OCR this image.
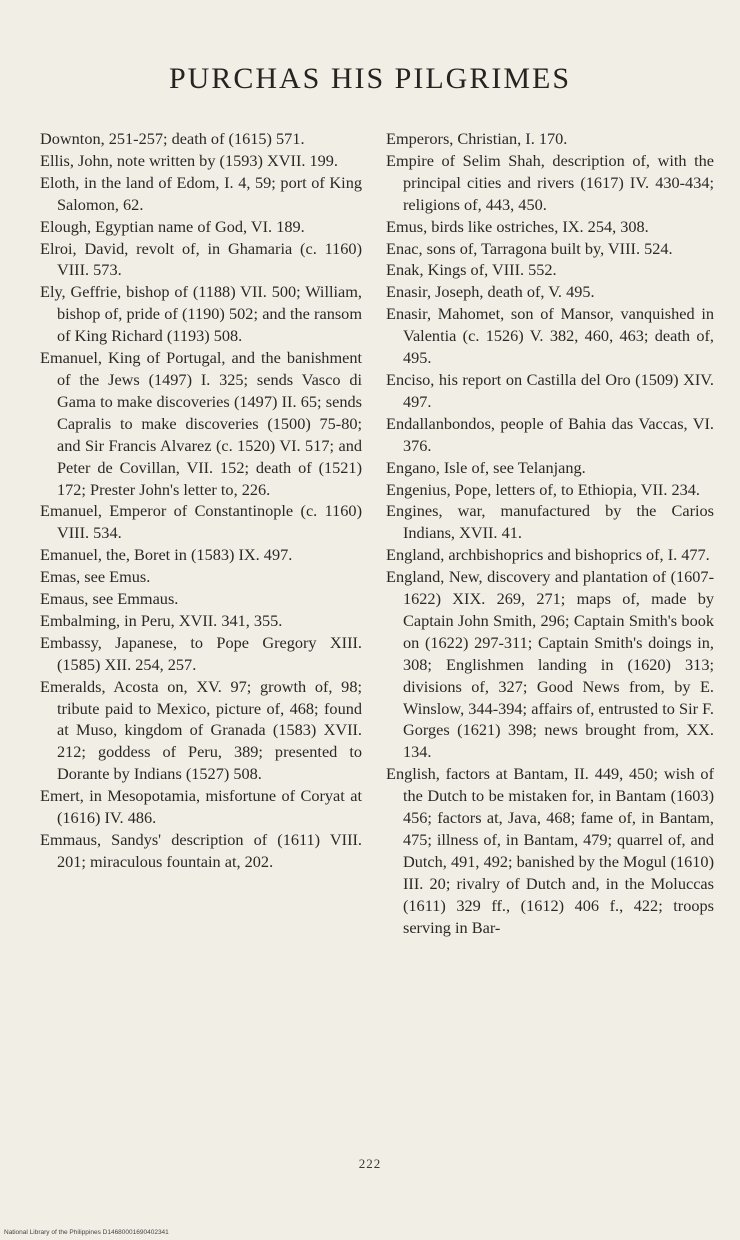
PURCHAS HIS PILGRIMES

Downton, 251-257; death of (1615) 571.

Ellis, John, note written by (1593) XVII. 199.

Eloth, in the land of Edom, I. 4, 59; port of King Salomon, 62.

Elough, Egyptian name of God, VI. 189.

Elroi, David, revolt of, in Ghamaria (c. 1160) VIII. 573.

Ely, Geffrie, bishop of (1188) VII. 500; William, bishop of, pride of (1190) 502; and the ransom of King Richard (1193) 508.

Emanuel, King of Portugal, and the banishment of the Jews (1497) I. 325; sends Vasco di Gama to make discoveries (1497) II. 65; sends Capralis to make discoveries (1500) 75-80; and Sir Francis Alvarez (c. 1520) VI. 517; and Peter de Covillan, VII. 152; death of (1521) 172; Prester John's letter to, 226.

Emanuel, Emperor of Constantinople (c. 1160) VIII. 534.

Emanuel, the, Boret in (1583) IX. 497.

Emas, see Emus.

Emaus, see Emmaus.

Embalming, in Peru, XVII. 341, 355.

Embassy, Japanese, to Pope Gregory XIII. (1585) XII. 254, 257.

Emeralds, Acosta on, XV. 97; growth of, 98; tribute paid to Mexico, picture of, 468; found at Muso, kingdom of Granada (1583) XVII. 212; goddess of Peru, 389; presented to Dorante by Indians (1527) 508.

Emert, in Mesopotamia, misfortune of Coryat at (1616) IV. 486.

Emmaus, Sandys' description of (1611) VIII. 201; miraculous fountain at, 202.

Emperors, Christian, I. 170.

Empire of Selim Shah, description of, with the principal cities and rivers (1617) IV. 430-434; religions of, 443, 450.

Emus, birds like ostriches, IX. 254, 308.

Enac, sons of, Tarragona built by, VIII. 524.

Enak, Kings of, VIII. 552.

Enasir, Joseph, death of, V. 495.

Enasir, Mahomet, son of Mansor, vanquished in Valentia (c. 1526) V. 382, 460, 463; death of, 495.

Enciso, his report on Castilla del Oro (1509) XIV. 497.

Endallanbondos, people of Bahia das Vaccas, VI. 376.

Engano, Isle of, see Telanjang.

Engenius, Pope, letters of, to Ethiopia, VII. 234.

Engines, war, manufactured by the Carios Indians, XVII. 41.

England, archbishoprics and bishoprics of, I. 477.

England, New, discovery and plantation of (1607-1622) XIX. 269, 271; maps of, made by Captain John Smith, 296; Captain Smith's book on (1622) 297-311; Captain Smith's doings in, 308; Englishmen landing in (1620) 313; divisions of, 327; Good News from, by E. Winslow, 344-394; affairs of, entrusted to Sir F. Gorges (1621) 398; news brought from, XX. 134.

English, factors at Bantam, II. 449, 450; wish of the Dutch to be mistaken for, in Bantam (1603) 456; factors at, Java, 468; fame of, in Bantam, 475; illness of, in Bantam, 479; quarrel of, and Dutch, 491, 492; banished by the Mogul (1610) III. 20; rivalry of Dutch and, in the Moluccas (1611) 329 ff., (1612) 406 f., 422; troops serving in Bar-

222
National Library of the Philippines D14680001690402341
